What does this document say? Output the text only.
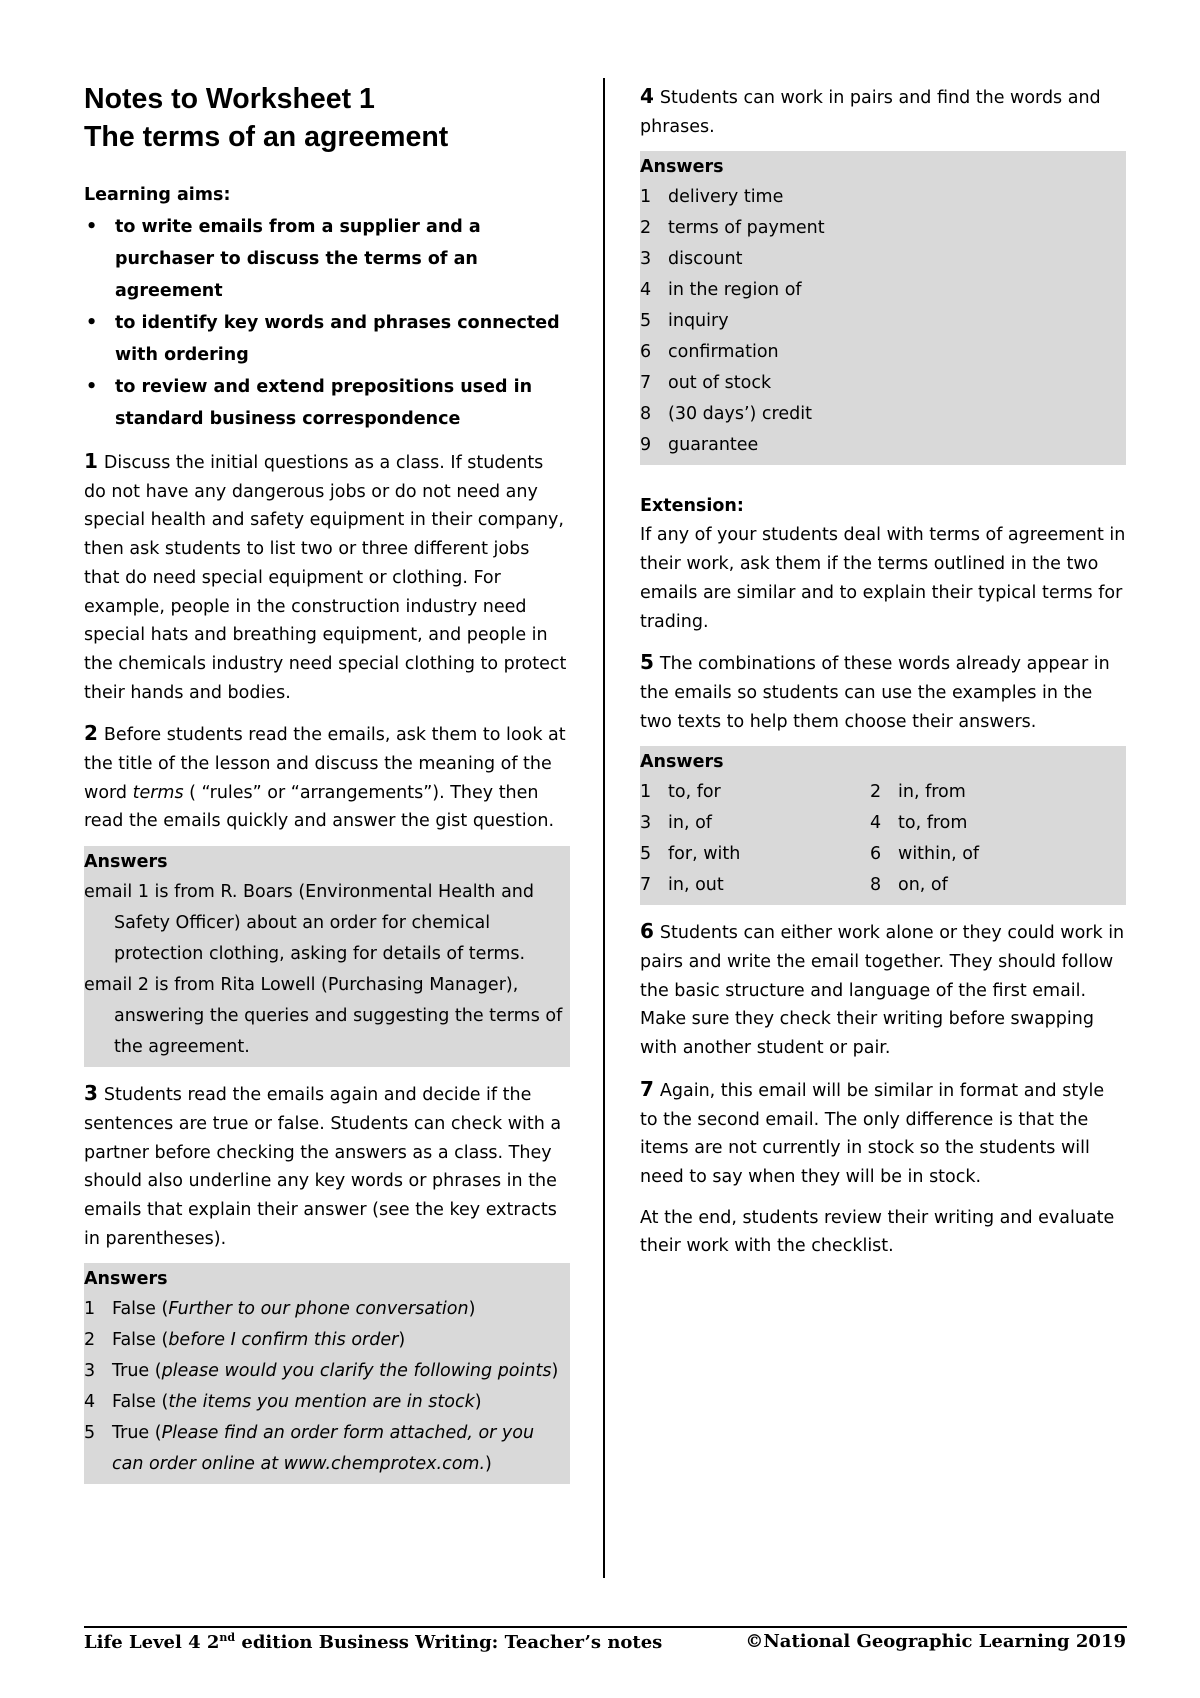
Notes to Worksheet 1
The terms of an agreement
Learning aims:
• to write emails from a supplier and a purchaser to discuss the terms of an agreement
• to identify key words and phrases connected with ordering
• to review and extend prepositions used in standard business correspondence

1 Discuss the initial questions as a class. If students do not have any dangerous jobs or do not need any special health and safety equipment in their company, then ask students to list two or three different jobs that do need special equipment or clothing. For example, people in the construction industry need special hats and breathing equipment, and people in the chemicals industry need special clothing to protect their hands and bodies.

2 Before students read the emails, ask them to look at the title of the lesson and discuss the meaning of the word terms ( “rules” or “arrangements”). They then read the emails quickly and answer the gist question.

Answers
email 1 is from R. Boars (Environmental Health and Safety Officer) about an order for chemical protection clothing, asking for details of terms.
email 2 is from Rita Lowell (Purchasing Manager), answering the queries and suggesting the terms of the agreement.

3 Students read the emails again and decide if the sentences are true or false. Students can check with a partner before checking the answers as a class. They should also underline any key words or phrases in the emails that explain their answer (see the key extracts in parentheses).

Answers
1 False (Further to our phone conversation)
2 False (before I confirm this order)
3 True (please would you clarify the following points)
4 False (the items you mention are in stock)
5 True (Please find an order form attached, or you can order online at www.chemprotex.com.)

4 Students can work in pairs and find the words and phrases.

Answers
1 delivery time
2 terms of payment
3 discount
4 in the region of
5 inquiry
6 confirmation
7 out of stock
8 (30 days’) credit
9 guarantee
Extension:

If any of your students deal with terms of agreement in their work, ask them if the terms outlined in the two emails are similar and to explain their typical terms for trading.

5 The combinations of these words already appear in the emails so students can use the examples in the two texts to help them choose their answers.

Answers
1 to, for	2 in, from
3 in, of	4 to, from
5 for, with	6 within, of
7 in, out	8 on, of

6 Students can either work alone or they could work in pairs and write the email together. They should follow the basic structure and language of the first email. Make sure they check their writing before swapping with another student or pair.

7 Again, this email will be similar in format and style to the second email. The only difference is that the items are not currently in stock so the students will need to say when they will be in stock.

At the end, students review their writing and evaluate their work with the checklist.

Life Level 4 2nd edition Business Writing: Teacher’s notes	©National Geographic Learning 2019
